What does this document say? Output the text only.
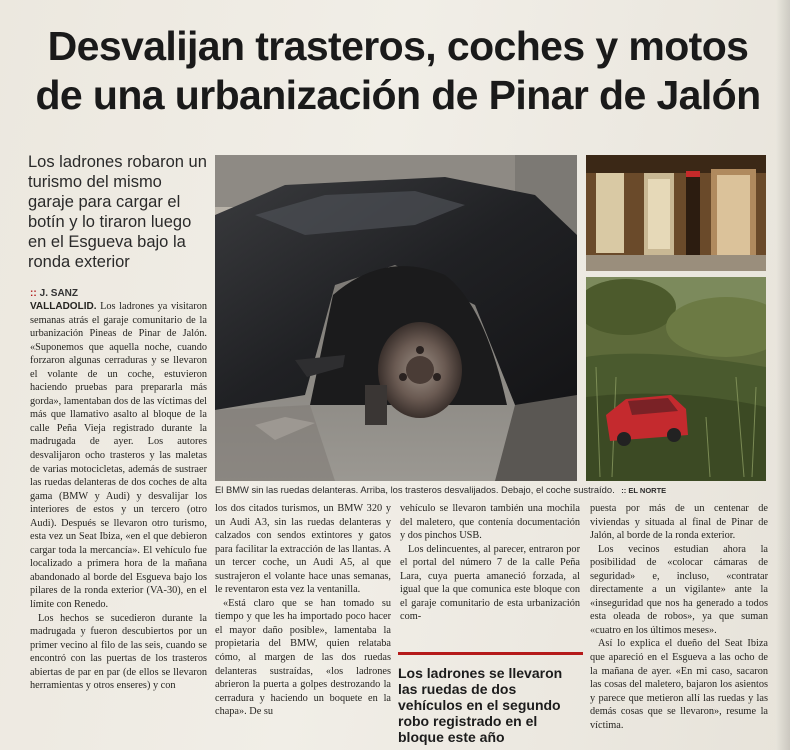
Desvalijan trasteros, coches y motos de una urbanización de Pinar de Jalón
Los ladrones robaron un turismo del mismo garaje para cargar el botín y lo tiraron luego en el Esgueva bajo la ronda exterior
:: J. SANZ
El BMW sin las ruedas delanteras. Arriba, los trasteros desvalijados. Debajo, el coche sustraído. :: EL NORTE

VALLADOLID. Los ladrones ya visitaron semanas atrás el garaje comunitario de la urbanización Pineas de Pinar de Jalón. «Suponemos que aquella noche, cuando forzaron algunas cerraduras y se llevaron el volante de un coche, estuvieron haciendo pruebas para prepararla más gorda», lamentaban dos de las víctimas del más que llamativo asalto al bloque de la calle Peña Vieja registrado durante la madrugada de ayer. Los autores desvalijaron ocho trasteros y las maletas de varias motocicletas, además de sustraer las ruedas delanteras de dos coches de alta gama (BMW y Audi) y desvalijar los interiores de estos y un tercero (otro Audi). Después se llevaron otro turismo, esta vez un Seat Ibiza, «en el que debieron cargar toda la mercancía». El vehículo fue localizado a primera hora de la mañana abandonado al borde del Esgueva bajo los pilares de la ronda exterior (VA-30), en el límite con Renedo.

Los hechos se sucedieron durante la madrugada y fueron descubiertos por un primer vecino al filo de las seis, cuando se encontró con las puertas de los trasteros abiertas de par en par (de ellos se llevaron herramientas y otros enseres) y con

los dos citados turismos, un BMW 320 y un Audi A3, sin las ruedas delanteras y calzados con sendos extintores y gatos para facilitar la extracción de las llantas. A un tercer coche, un Audi A5, al que sustrajeron el volante hace unas semanas, le reventaron esta vez la ventanilla.

«Está claro que se han tomado su tiempo y que les ha importado poco hacer el mayor daño posible», lamentaba la propietaria del BMW, quien relataba cómo, al margen de las dos ruedas delanteras sustraídas, «los ladrones abrieron la puerta a golpes destrozando la cerradura y haciendo un boquete en la chapa». De su

vehículo se llevaron también una mochila del maletero, que contenía documentación y dos pinchos USB.

Los delincuentes, al parecer, entraron por el portal del número 7 de la calle Peña Lara, cuya puerta amaneció forzada, al igual que la que comunica este bloque con el garaje comunitario de esta urbanización com-

Los ladrones se llevaron las ruedas de dos vehículos en el segundo robo registrado en el bloque este año

puesta por más de un centenar de viviendas y situada al final de Pinar de Jalón, al borde de la ronda exterior.

Los vecinos estudian ahora la posibilidad de «colocar cámaras de seguridad» e, incluso, «contratar directamente a un vigilante» ante la «inseguridad que nos ha generado a todos esta oleada de robos», ya que suman «cuatro en los últimos meses».

Así lo explica el dueño del Seat Ibiza que apareció en el Esgueva a las ocho de la mañana de ayer. «En mi caso, sacaron las cosas del maletero, bajaron los asientos y parece que metieron allí las ruedas y las demás cosas que se llevaron», resume la víctima.
